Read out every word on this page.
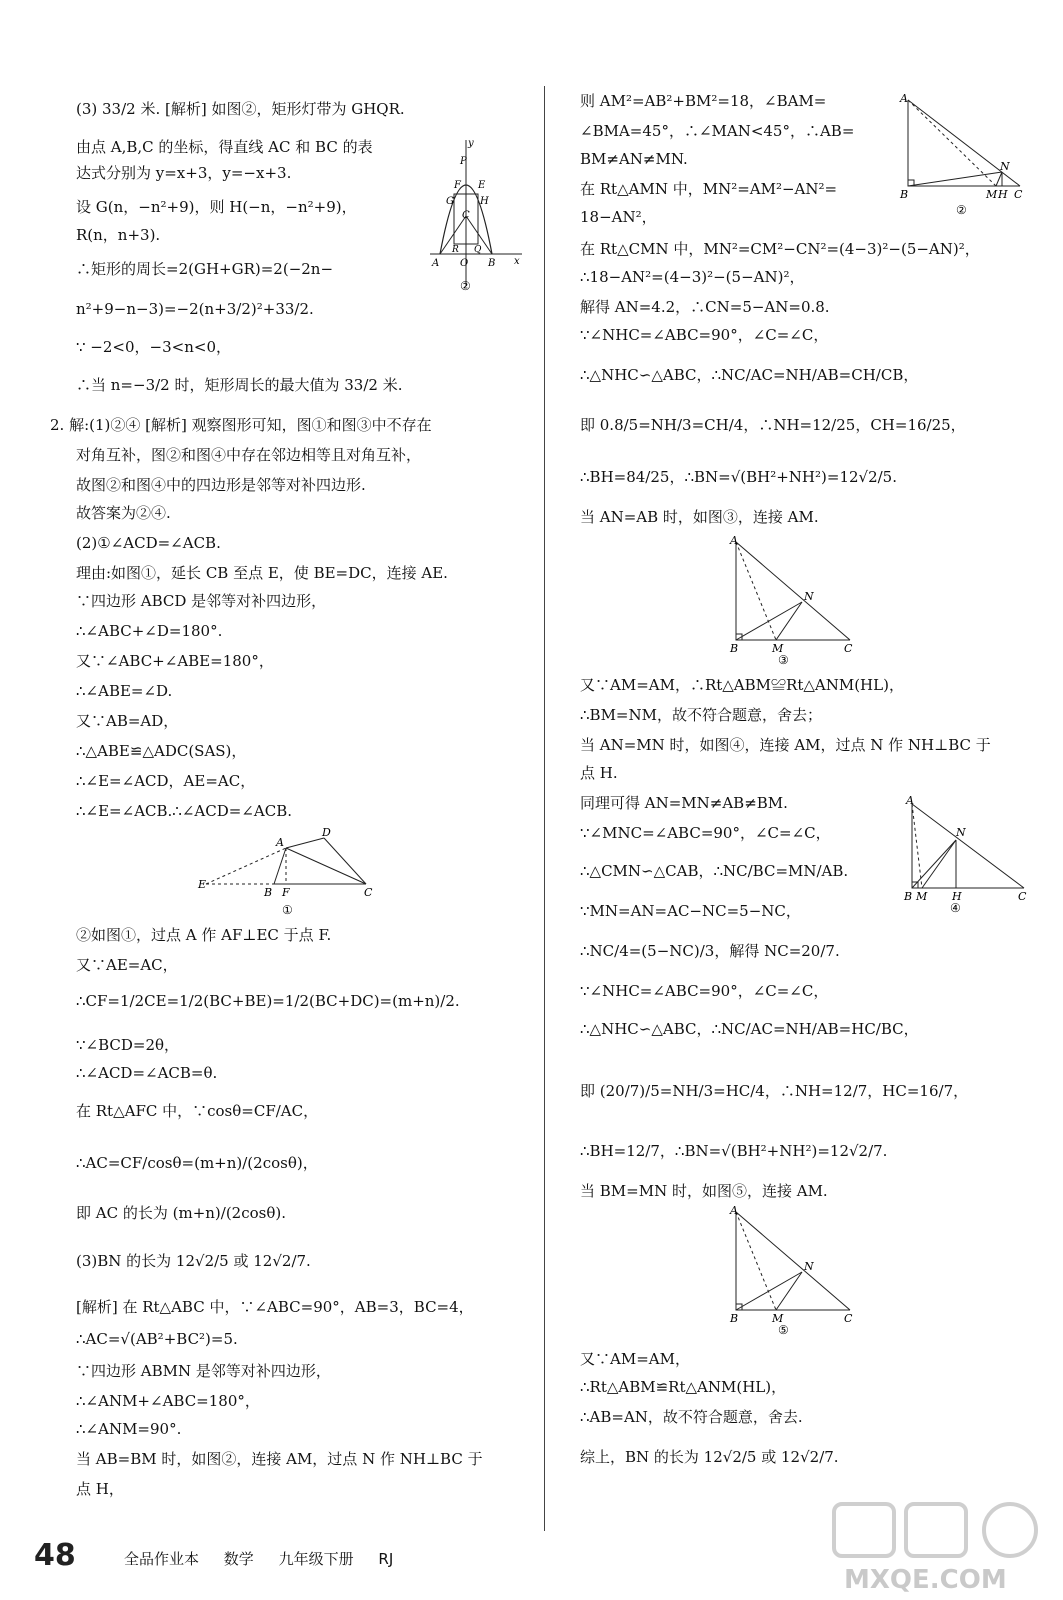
(3) 33/2 米. [解析] 如图②，矩形灯带为 GHQR.
由点 A,B,C 的坐标，得直线 AC 和 BC 的表
达式分别为 y=x+3，y=−x+3.
设 G(n，−n²+9)，则 H(−n，−n²+9)，
R(n，n+3).
∴矩形的周长=2(GH+GR)=2(−2n−
n²+9−n−3)=−2(n+3/2)²+33/2.
∵ −2<0，−3<n<0，
∴当 n=−3/2 时，矩形周长的最大值为 33/2 米.
2. 解:(1)②④ [解析] 观察图形可知，图①和图③中不存在
对角互补，图②和图④中存在邻边相等且对角互补，
故图②和图④中的四边形是邻等对补四边形.
故答案为②④.
(2)①∠ACD=∠ACB.
理由:如图①，延长 CB 至点 E，使 BE=DC，连接 AE.
∵四边形 ABCD 是邻等对补四边形，
∴∠ABC+∠D=180°.
又∵∠ABC+∠ABE=180°，
∴∠ABE=∠D.
又∵AB=AD，
∴△ABE≌△ADC(SAS)，
∴∠E=∠ACD，AE=AC，
∴∠E=∠ACB.∴∠ACD=∠ACB.
②如图①，过点 A 作 AF⊥EC 于点 F.
又∵AE=AC，
∴CF=1/2CE=1/2(BC+BE)=1/2(BC+DC)=(m+n)/2.
∵∠BCD=2θ，
∴∠ACD=∠ACB=θ.
在 Rt△AFC 中，∵cosθ=CF/AC，
∴AC=CF/cosθ=(m+n)/(2cosθ)，
即 AC 的长为 (m+n)/(2cosθ).
(3)BN 的长为 12√2/5 或 12√2/7.
[解析] 在 Rt△ABC 中，∵∠ABC=90°，AB=3，BC=4，
∴AC=√(AB²+BC²)=5.
∵四边形 ABMN 是邻等对补四边形，
∴∠ANM+∠ABC=180°，
∴∠ANM=90°.
当 AB=BM 时，如图②，连接 AM，过点 N 作 NH⊥BC 于
点 H，
y
P
F E
G	H
C
A O B x
R Q
②
E
B F
A
D
C
①
则 AM²=AB²+BM²=18，∠BAM=
∠BMA=45°，∴∠MAN<45°，∴AB=
BM≠AN≠MN.
在 Rt△AMN 中，MN²=AM²−AN²=
18−AN²，
在 Rt△CMN 中，MN²=CM²−CN²=(4−3)²−(5−AN)²，
∴18−AN²=(4−3)²−(5−AN)²，
解得 AN=4.2，∴CN=5−AN=0.8.
∵∠NHC=∠ABC=90°，∠C=∠C，
∴△NHC∽△ABC，∴NC/AC=NH/AB=CH/CB，
即 0.8/5=NH/3=CH/4，∴NH=12/25，CH=16/25，
∴BH=84/25，∴BN=√(BH²+NH²)=12√2/5.
当 AN=AB 时，如图③，连接 AM.
又∵AM=AM，∴Rt△ABM≌Rt△ANM(HL)，
∴BM=NM，故不符合题意，舍去；
当 AN=MN 时，如图④，连接 AM，过点 N 作 NH⊥BC 于
点 H.
同理可得 AN=MN≠AB≠BM.
∵∠MNC=∠ABC=90°，∠C=∠C，
∴△CMN∽△CAB，∴NC/BC=MN/AB.
∵MN=AN=AC−NC=5−NC，
∴NC/4=(5−NC)/3，解得 NC=20/7.
∵∠NHC=∠ABC=90°，∠C=∠C，
∴△NHC∽△ABC，∴NC/AC=NH/AB=HC/BC，
即 (20/7)/5=NH/3=HC/4，∴NH=12/7，HC=16/7，
∴BH=12/7，∴BN=√(BH²+NH²)=12√2/7.
当 BM=MN 时，如图⑤，连接 AM.
又∵AM=AM，
∴Rt△ABM≌Rt△ANM(HL)，
∴AB=AN，故不符合题意，舍去.
综上，BN 的长为 12√2/5 或 12√2/7.
A
N
B	M H C
②
A
N
B	M	C
③
A
N
B M H	C
④
A
N
B	M	C
⑤
48	全品作业本 数学 九年级下册 RJ
MXQE.COM
